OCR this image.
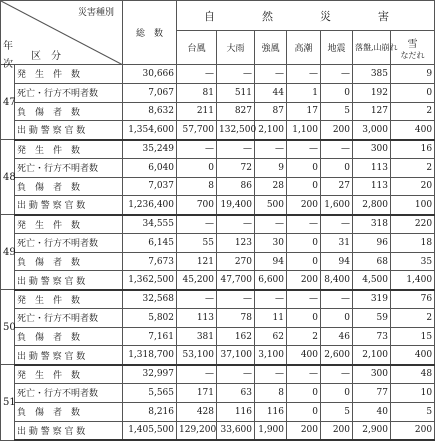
災害種別
年
次
区　分		総　数	自　然　災　害						
			台風	大雨	強風	高潮	地震	落盤,山崩れ	雪
なだれ

47	発　生　件　数	30,666	—	—	—	—	—	385	9
	死亡・行方不明者数	7,067	81	511	44	1	0	192	0
	負　傷　者　数	8,632	211	827	87	17	5	127	2
	出 動 警 察 官 数	1,354,600	57,700	132,500	2,100	1,100	200	3,000	400
48	発　生　件　数	35,249	—	—	—	—	—	300	16
	死亡・行方不明者数	6,040	0	72	9	0	0	113	2
	負　傷　者　数	7,037	8	86	28	0	27	113	20
	出 動 警 察 官 数	1,236,400	700	19,400	500	200	1,600	2,800	100
49	発　生　件　数	34,555	—	—	—	—	—	318	220
	死亡・行方不明者数	6,145	55	123	30	0	31	96	18
	負　傷　者　数	7,673	121	270	94	0	94	68	35
	出 動 警 察 官 数	1,362,500	45,200	47,700	6,600	200	8,400	4,500	1,400
50	発　生　件　数	32,568	—	—	—	—	—	319	76
	死亡・行方不明者数	5,802	113	78	11	0	0	59	2
	負　傷　者　数	7,161	381	162	62	2	46	73	15
	出 動 警 察 官 数	1,318,700	53,100	37,100	3,100	400	2,600	2,100	400
51	発　生　件　数	32,997	—	—	—	—	—	300	48
	死亡・行方不明者数	5,565	171	63	8	0	0	77	10
	負　傷　者　数	8,216	428	116	116	0	5	40	5
	出 動 警 察 官 数	1,405,500	129,200	33,600	1,900	200	200	2,900	200
